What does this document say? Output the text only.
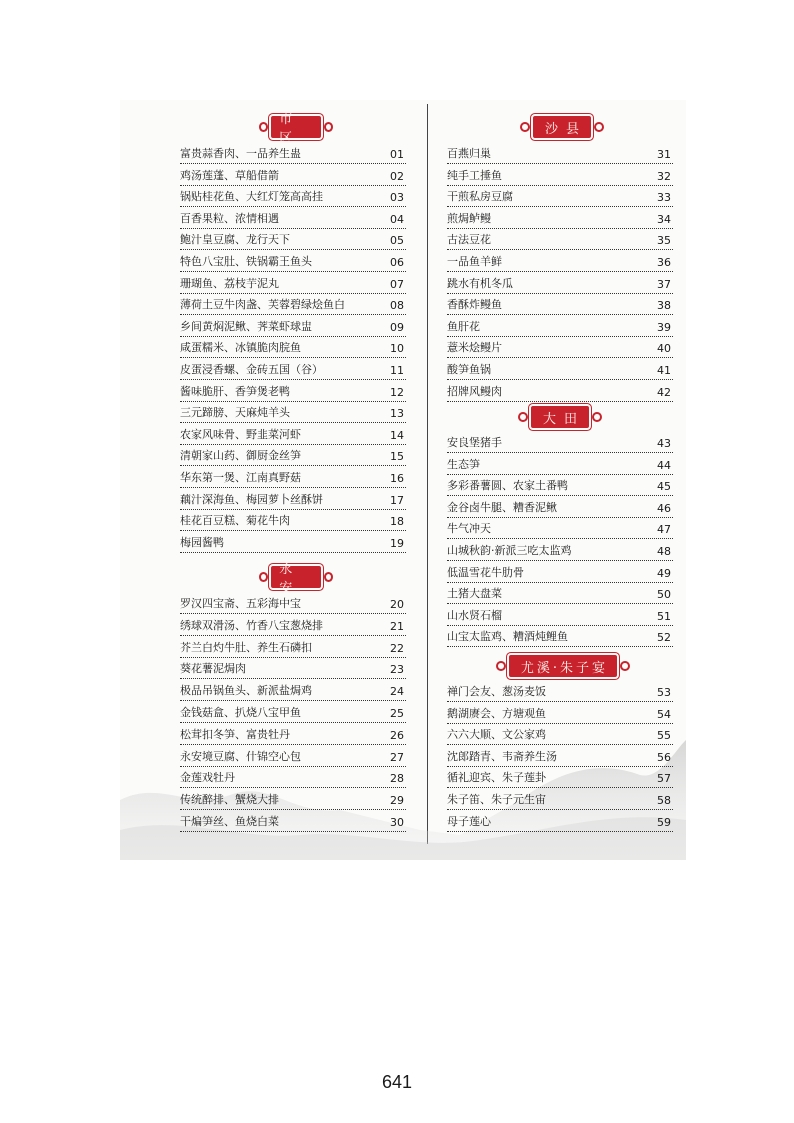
市区
富贵蒜香肉、一品养生蛊	01
鸡汤莲蓬、草船借箭	02
锅贴桂花鱼、大红灯笼高高挂	03
百香果粒、浓情相遇	04
鲍汁皇豆腐、龙行天下	05
特色八宝肚、铁锅霸王鱼头	06
珊瑚鱼、荔枝芋泥丸	07
薄荷土豆牛肉盏、芙蓉碧绿烩鱼白	08
乡间黄焖泥鳅、荠菜虾球盅	09
咸蛋糯米、冰镇脆肉脘鱼	10
皮蛋浸香螺、金砖五国（谷）	11
酱味脆肝、香笋煲老鸭	12
三元蹄膀、天麻炖羊头	13
农家风味骨、野韭菜河虾	14
清朝家山药、御厨金丝笋	15
华东第一煲、江南真野菇	16
藕汁深海鱼、梅园萝卜丝酥饼	17
桂花百豆糕、菊花牛肉	18
梅园酱鸭	19
永安
罗汉四宝斋、五彩海中宝	20
绣球双滑汤、竹香八宝葱烧排	21
芥兰白灼牛肚、养生石磷扣	22
葵花薯泥焗肉	23
极品吊锅鱼头、新派盐焗鸡	24
金钱菇盒、扒烧八宝甲鱼	25
松茸扣冬笋、富贵牡丹	26
永安境豆腐、什锦空心包	27
金莲戏牡丹	28
传统醉排、蟹烧大排	29
干煸笋丝、鱼烧白菜	30
沙县
百燕归巢	31
纯手工捶鱼	32
干煎私房豆腐	33
煎焗鲈鳗	34
古法豆花	35
一品鱼羊鲜	36
跳水有机冬瓜	37
香酥炸鳗鱼	38
鱼肝花	39
薏米烩鳗片	40
酸笋鱼锅	41
招牌风鳗肉	42
大田
安良堡猪手	43
生态笋	44
多彩番薯圆、农家土番鸭	45
金谷卤牛腿、糟香泥鳅	46
牛气冲天	47
山城秋韵·新派三吃太监鸡	48
低温雪花牛肋骨	49
土猪大盘菜	50
山水贤石榴	51
山宝太监鸡、糟酒炖鲤鱼	52
尤溪·朱子宴
禅门会友、葱汤麦饭	53
鹅湖赓会、方塘观鱼	54
六六大顺、文公家鸡	55
沈郎踏青、韦斋养生汤	56
循礼迎宾、朱子莲卦	57
朱子笛、朱子元生宙	58
母子莲心	59
641
